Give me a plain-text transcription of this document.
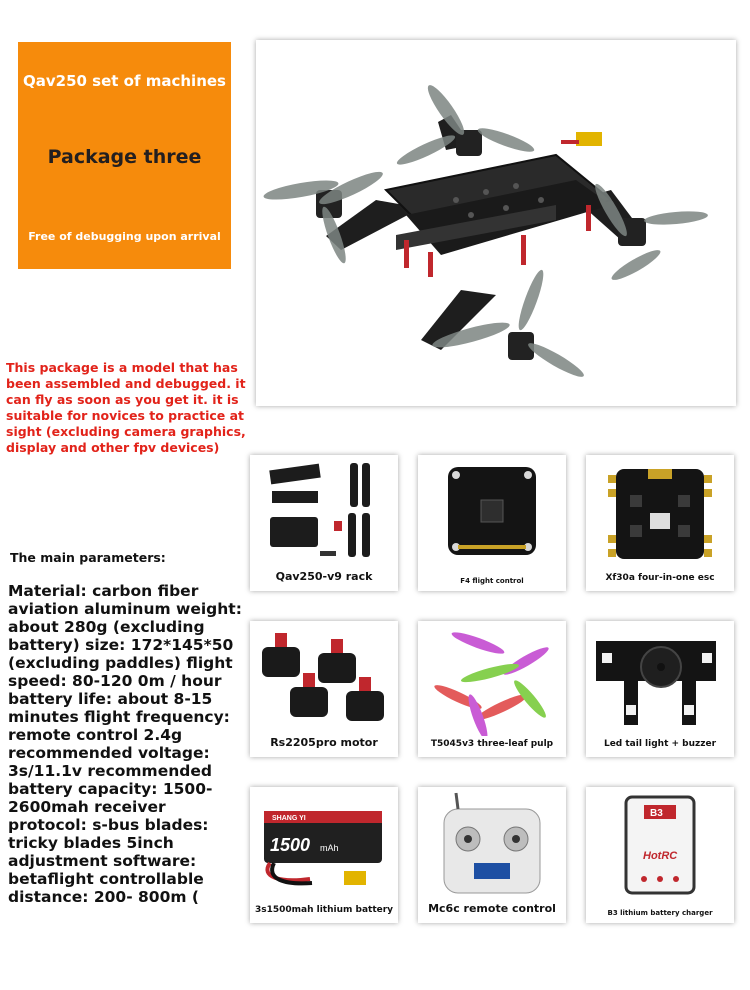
Qav250 set of machines
Package three
Free of debugging upon arrival
This package is a model that has been assembled and debugged. it can fly as soon as you get it. it is suitable for novices to practice at sight (excluding camera graphics, display and other fpv devices)
The main parameters:
Material: carbon fiber aviation aluminum weight: about 280g (excluding battery) size: 172*145*50 (excluding paddles) flight speed: 80-120 0m / hour battery life: about 8-15 minutes flight frequency: remote control 2.4g recommended voltage: 3s/11.1v recommended battery capacity: 1500-2600mah receiver protocol: s-bus blades: tricky blades 5inch adjustment software: betaflight controllable distance: 200- 800m (
Qav250-v9 rack	F4 flight control	Xf30a four-in-one esc
Rs2205pro motor	T5045v3 three-leaf pulp	Led tail light + buzzer
SHANG YI
1500 mAh
3s1500mah lithium battery	Mc6c remote control
B3
HotRC
B3 lithium battery charger
